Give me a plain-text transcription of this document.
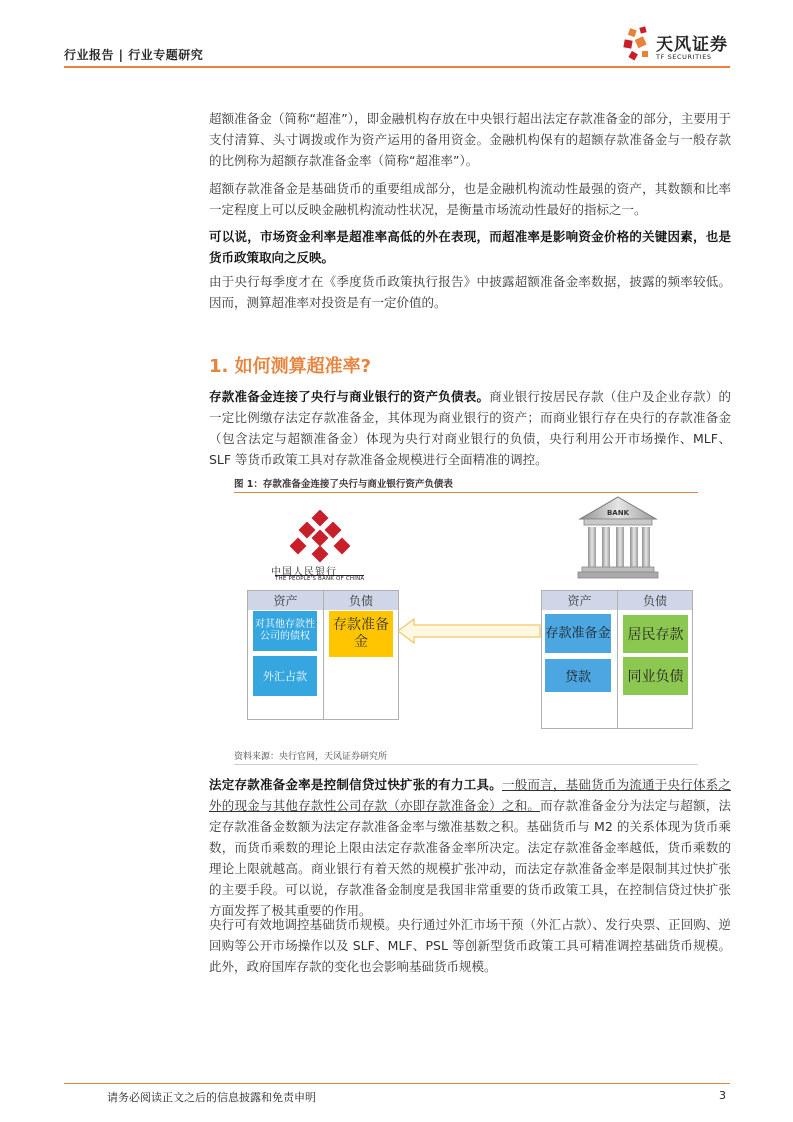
行业报告 | 行业专题研究	天风证券
TF SECURITIES

超额准备金（简称“超准”），即金融机构存放在中央银行超出法定存款准备金的部分，主要用于支付清算、头寸调拨或作为资产运用的备用资金。金融机构保有的超额存款准备金与一般存款的比例称为超额存款准备金率（简称“超准率”）。

超额存款准备金是基础货币的重要组成部分，也是金融机构流动性最强的资产，其数额和比率一定程度上可以反映金融机构流动性状况，是衡量市场流动性最好的指标之一。

可以说，市场资金利率是超准率高低的外在表现，而超准率是影响资金价格的关键因素，也是货币政策取向之反映。

由于央行每季度才在《季度货币政策执行报告》中披露超额准备金率数据，披露的频率较低。因而，测算超准率对投资是有一定价值的。

1. 如何测算超准率?

存款准备金连接了央行与商业银行的资产负债表。商业银行按居民存款（住户及企业存款）的一定比例缴存法定存款准备金，其体现为商业银行的资产；而商业银行存在央行的存款准备金（包含法定与超额准备金）体现为央行对商业银行的负债，央行利用公开市场操作、MLF、SLF 等货币政策工具对存款准备金规模进行全面精准的调控。

图 1：存款准备金连接了央行与商业银行资产负债表
中国人民银行
THE PEOPLE'S BANK OF CHINA
BANK
资产	负债
对其他存款性公司的债权
外汇占款
存款准备金
资产	负债
存款准备金
贷款
居民存款
同业负债
资料来源：央行官网，天风证券研究所

法定存款准备金率是控制信贷过快扩张的有力工具。一般而言，基础货币为流通于央行体系之外的现金与其他存款性公司存款（亦即存款准备金）之和。而存款准备金分为法定与超额，法定存款准备金数额为法定存款准备金率与缴准基数之积。基础货币与 M2 的关系体现为货币乘数，而货币乘数的理论上限由法定存款准备金率所决定。法定存款准备金率越低，货币乘数的理论上限就越高。商业银行有着天然的规模扩张冲动，而法定存款准备金率是限制其过快扩张的主要手段。可以说，存款准备金制度是我国非常重要的货币政策工具，在控制信贷过快扩张方面发挥了极其重要的作用。

央行可有效地调控基础货币规模。央行通过外汇市场干预（外汇占款）、发行央票、正回购、逆回购等公开市场操作以及 SLF、MLF、PSL 等创新型货币政策工具可精准调控基础货币规模。此外，政府国库存款的变化也会影响基础货币规模。

请务必阅读正文之后的信息披露和免责申明	3
